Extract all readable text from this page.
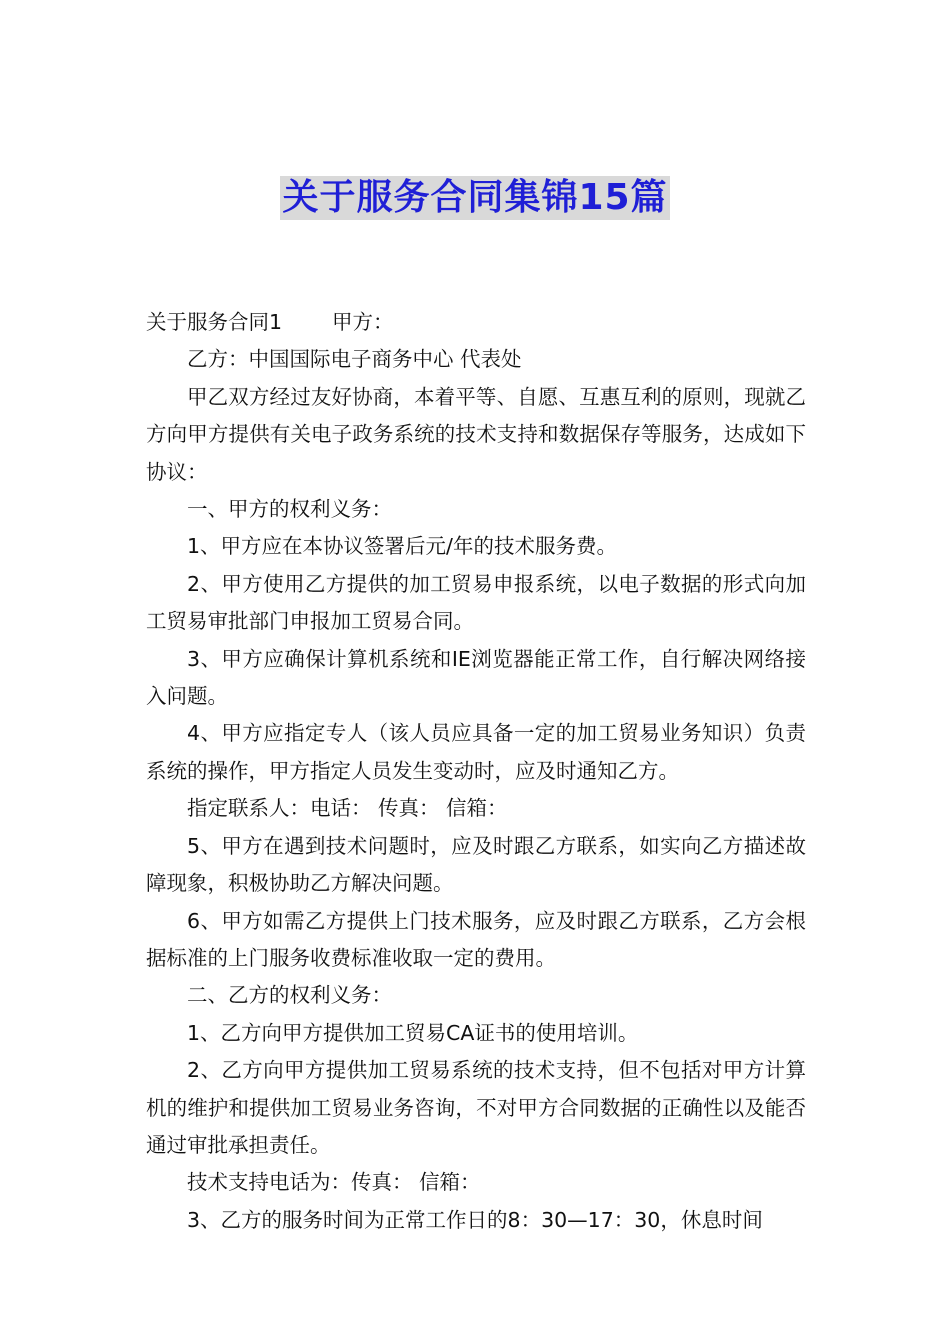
关于服务合同集锦15篇

关于服务合同1 甲方：

乙方：中国国际电子商务中心 代表处

甲乙双方经过友好协商，本着平等、自愿、互惠互利的原则，现就乙方向甲方提供有关电子政务系统的技术支持和数据保存等服务，达成如下协议：

一、甲方的权利义务：

1、甲方应在本协议签署后元/年的技术服务费。

2、甲方使用乙方提供的加工贸易申报系统，以电子数据的形式向加工贸易审批部门申报加工贸易合同。

3、甲方应确保计算机系统和IE浏览器能正常工作，自行解决网络接入问题。

4、甲方应指定专人（该人员应具备一定的加工贸易业务知识）负责系统的操作，甲方指定人员发生变动时，应及时通知乙方。

指定联系人：电话： 传真： 信箱：

5、甲方在遇到技术问题时，应及时跟乙方联系，如实向乙方描述故障现象，积极协助乙方解决问题。

6、甲方如需乙方提供上门技术服务，应及时跟乙方联系，乙方会根据标准的上门服务收费标准收取一定的费用。

二、乙方的权利义务：

1、乙方向甲方提供加工贸易CA证书的使用培训。

2、乙方向甲方提供加工贸易系统的技术支持，但不包括对甲方计算机的维护和提供加工贸易业务咨询，不对甲方合同数据的正确性以及能否通过审批承担责任。

技术支持电话为：传真： 信箱：

3、乙方的服务时间为正常工作日的8：30—17：30，休息时间
